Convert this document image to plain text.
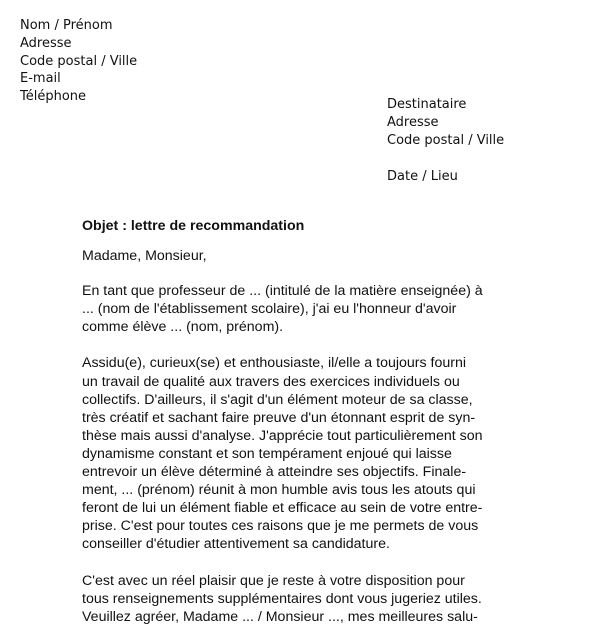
Nom / Prénom
Adresse
Code postal / Ville
E-mail
Téléphone
Destinataire
Adresse
Code postal / Ville
Date / Lieu
Objet : lettre de recommandation
Madame, Monsieur,

En tant que professeur de ... (intitulé de la matière enseignée) à
... (nom de l'établissement scolaire), j'ai eu l'honneur d'avoir
comme élève ... (nom, prénom).

Assidu(e), curieux(se) et enthousiaste, il/elle a toujours fourni
un travail de qualité aux travers des exercices individuels ou
collectifs. D'ailleurs, il s'agit d'un élément moteur de sa classe,
très créatif et sachant faire preuve d'un étonnant esprit de syn-
thèse mais aussi d'analyse. J'apprécie tout particulièrement son
dynamisme constant et son tempérament enjoué qui laisse
entrevoir un élève déterminé à atteindre ses objectifs. Finale-
ment, ... (prénom) réunit à mon humble avis tous les atouts qui
feront de lui un élément fiable et efficace au sein de votre entre-
prise. C'est pour toutes ces raisons que je me permets de vous
conseiller d'étudier attentivement sa candidature.

C'est avec un réel plaisir que je reste à votre disposition pour
tous renseignements supplémentaires dont vous jugeriez utiles.
Veuillez agréer, Madame ... / Monsieur ..., mes meilleures salu-
